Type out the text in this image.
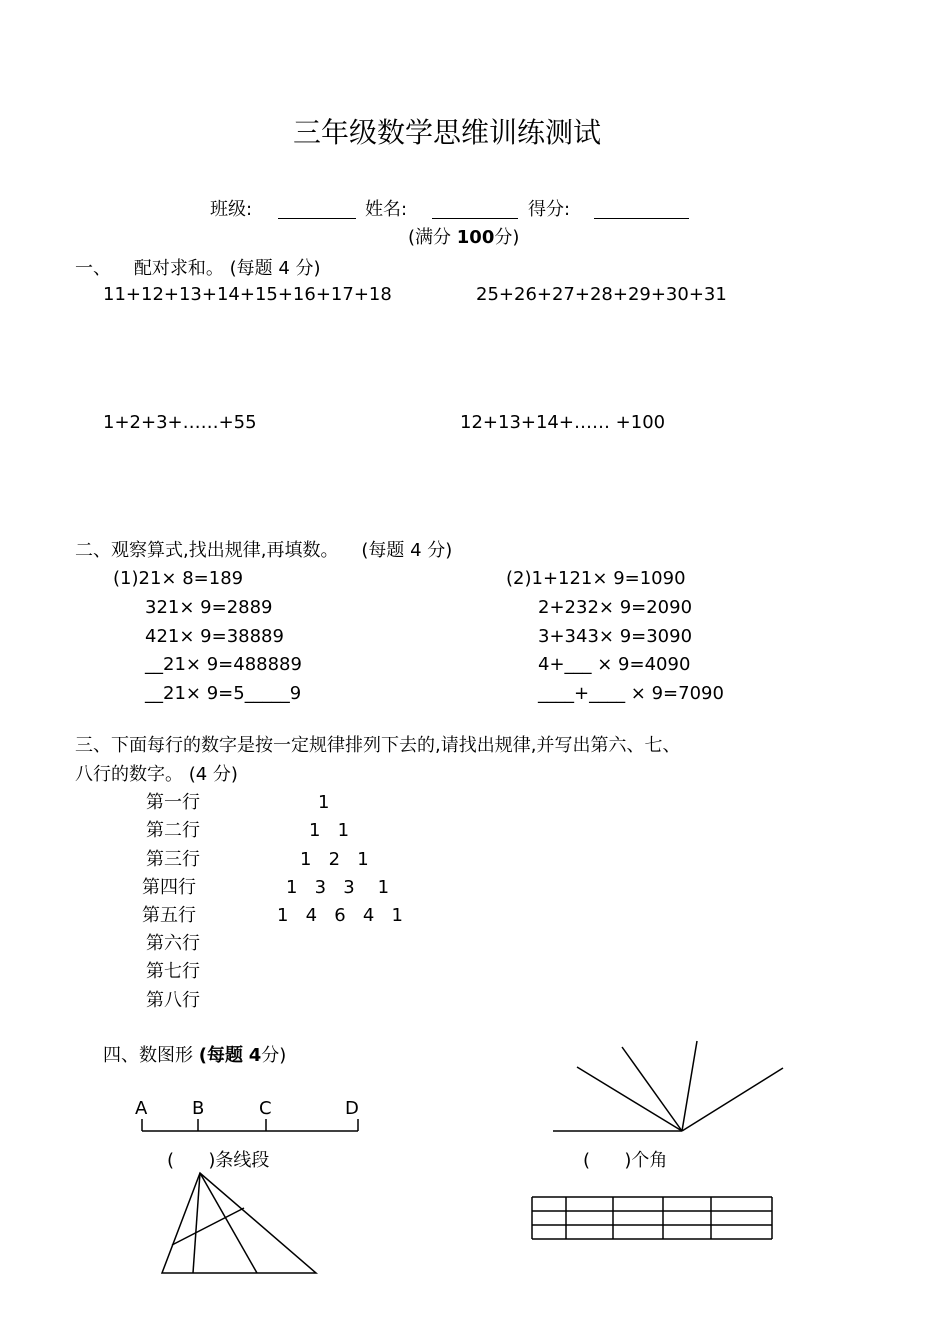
三年级数学思维训练测试
班级:	姓名:	得分:
(满分 100分)
一、    配对求和。 (每题 4 分)
11+12+13+14+15+16+17+18	25+26+27+28+29+30+31
1+2+3+……+55	12+13+14+…… +100
二、观察算式,找出规律,再填数。    (每题 4 分)
(1)21× 8=189
321× 9=2889
421× 9=38889
__21× 9=488889
__21× 9=5_____9
(2)1+121× 9=1090
2+232× 9=2090
3+343× 9=3090
4+___ × 9=4090
____+____ × 9=7090
三、下面每行的数字是按一定规律排列下去的,请找出规律,并写出第六、七、
八行的数字。 (4 分)
第一行	1
第二行	1   1
第三行	1   2   1
第四行	1   3   3    1
第五行	1   4   6   4   1
第六行
第七行
第八行
四、数图形 (每题 4分)
A B	C	D
(      )条线段	(      )个角
